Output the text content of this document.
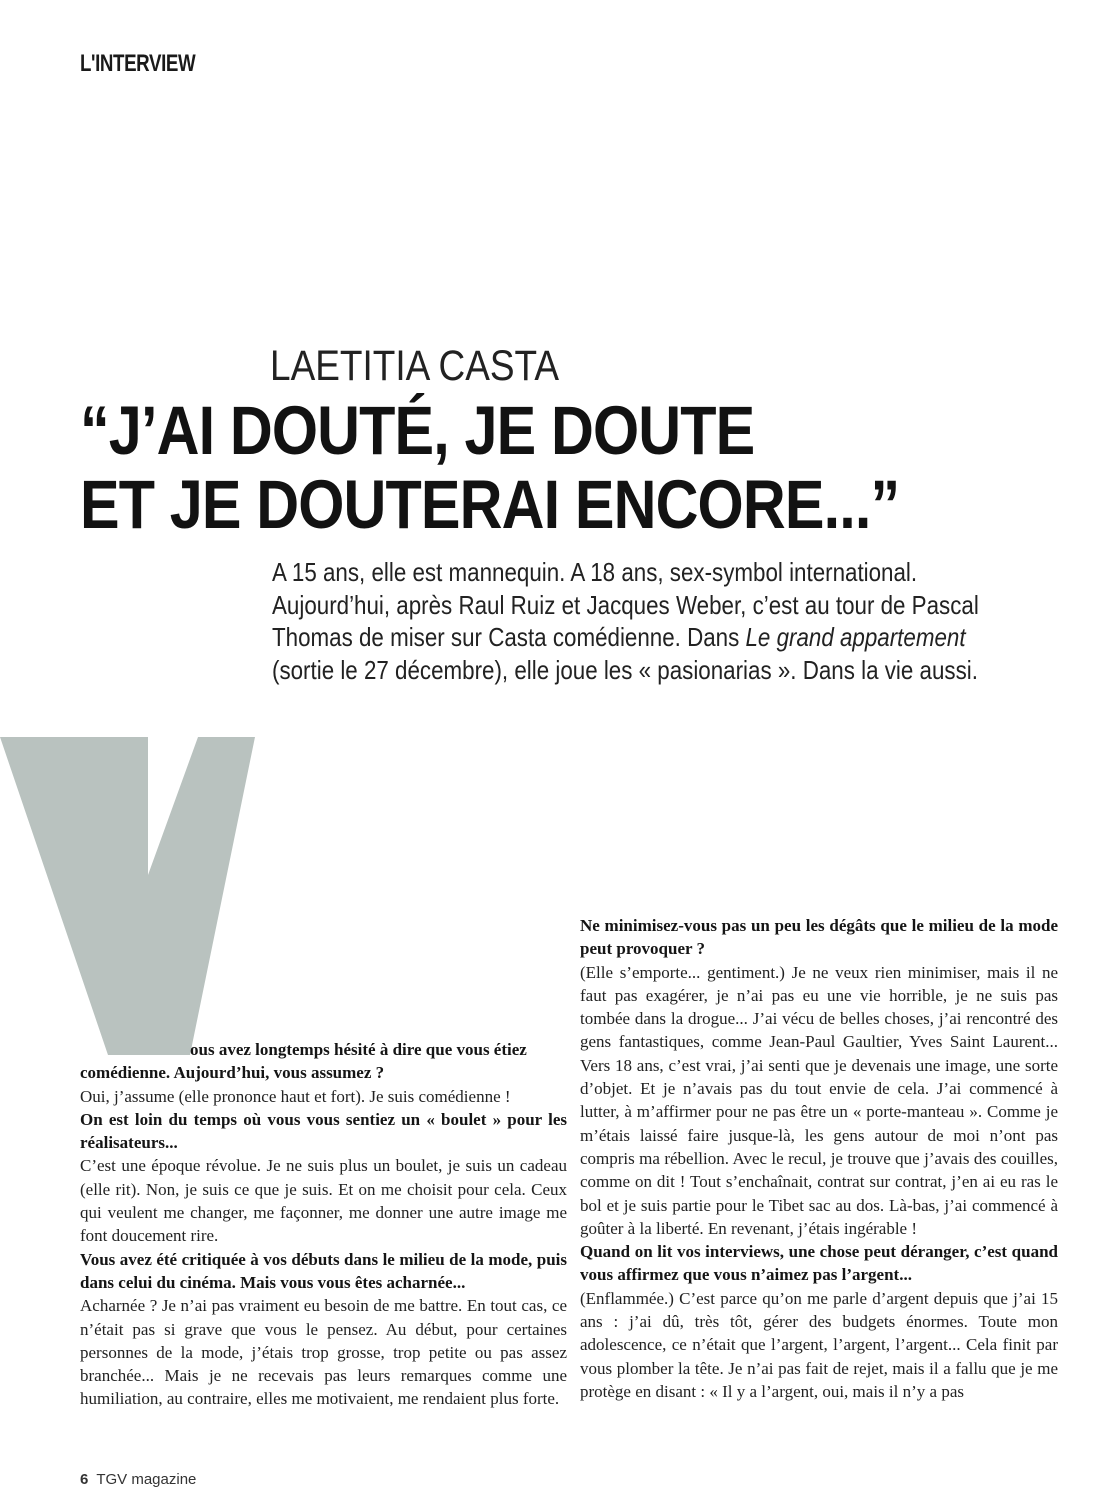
L'INTERVIEW
LAETITIA CASTA
“J’AI DOUTÉ, JE DOUTE
ET JE DOUTERAI ENCORE...”

A 15 ans, elle est mannequin. A 18 ans, sex-symbol international.

Aujourd’hui, après Raul Ruiz et Jacques Weber, c’est au tour de Pascal

Thomas de miser sur Casta comédienne. Dans Le grand appartement

(sortie le 27 décembre), elle joue les « pasionarias ». Dans la vie aussi.

ous avez longtemps hésité à dire que vous étiez
comédienne. Aujourd’hui, vous assumez ?

Oui, j’assume (elle prononce haut et fort). Je suis comédienne !

On est loin du temps où vous vous sentiez un « boulet » pour les réalisateurs...

C’est une époque révolue. Je ne suis plus un boulet, je suis un cadeau (elle rit). Non, je suis ce que je suis. Et on me choisit pour cela. Ceux qui veulent me changer, me façonner, me donner une autre image me font doucement rire.

Vous avez été critiquée à vos débuts dans le milieu de la mode, puis dans celui du cinéma. Mais vous vous êtes acharnée...

Acharnée ? Je n’ai pas vraiment eu besoin de me battre. En tout cas, ce n’était pas si grave que vous le pensez. Au début, pour certaines personnes de la mode, j’étais trop grosse, trop petite ou pas assez branchée... Mais je ne recevais pas leurs remarques comme une humiliation, au contraire, elles me motivaient, me rendaient plus forte.

Ne minimisez-vous pas un peu les dégâts que le milieu de la mode peut provoquer ?

(Elle s’emporte... gentiment.) Je ne veux rien minimiser, mais il ne faut pas exagérer, je n’ai pas eu une vie horrible, je ne suis pas tombée dans la drogue... J’ai vécu de belles choses, j’ai rencontré des gens fantastiques, comme Jean-Paul Gaultier, Yves Saint Laurent... Vers 18 ans, c’est vrai, j’ai senti que je devenais une image, une sorte d’objet. Et je n’avais pas du tout envie de cela. J’ai commencé à lutter, à m’affirmer pour ne pas être un « porte-manteau ». Comme je m’étais laissé faire jusque-là, les gens autour de moi n’ont pas compris ma rébellion. Avec le recul, je trouve que j’avais des couilles, comme on dit ! Tout s’enchaînait, contrat sur contrat, j’en ai eu ras le bol et je suis partie pour le Tibet sac au dos. Là-bas, j’ai commencé à goûter à la liberté. En revenant, j’étais ingérable !

Quand on lit vos interviews, une chose peut déranger, c’est quand vous affirmez que vous n’aimez pas l’argent...

(Enflammée.) C’est parce qu’on me parle d’argent depuis que j’ai 15 ans : j’ai dû, très tôt, gérer des budgets énormes. Toute mon adolescence, ce n’était que l’argent, l’argent, l’argent... Cela finit par vous plomber la tête. Je n’ai pas fait de rejet, mais il a fallu que je me protège en disant : « Il y a l’argent, oui, mais il n’y a pas

6 TGV magazine
